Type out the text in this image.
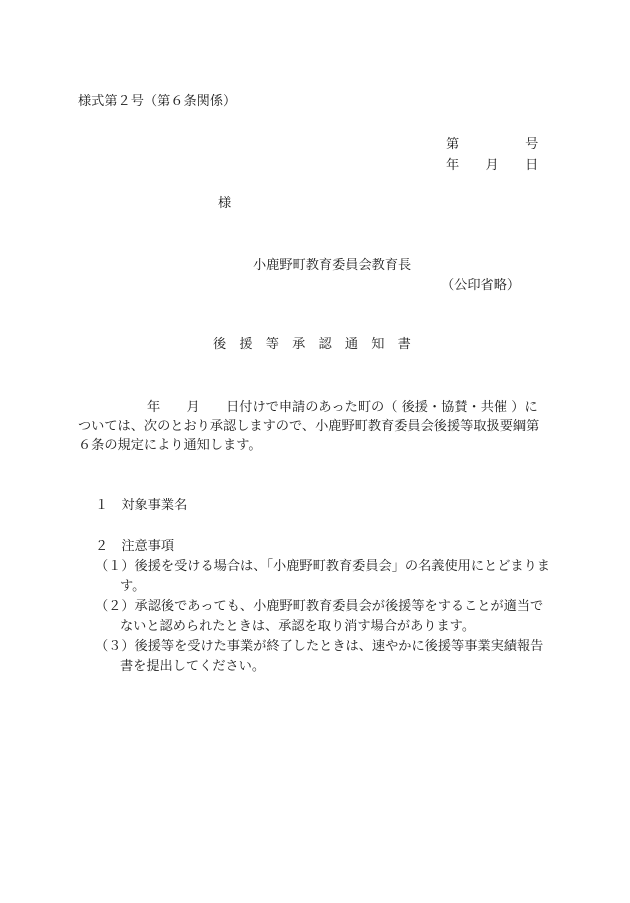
様式第２号（第６条関係）

第　　　　　号

年　　月　　日

様

小鹿野町教育委員会教育長

（公印省略）

後　援　等　承　認　通　知　書

年　　月　　日付けで申請のあった町の（ 後援・協賛・共催 ）に

ついては、次のとおり承認しますので、小鹿野町教育委員会後援等取扱要綱第

６条の規定により通知します。

１　対象事業名

２　注意事項

（１）後援を受ける場合は、「小鹿野町教育委員会」の名義使用にとどまりま

す。

（２）承認後であっても、小鹿野町教育委員会が後援等をすることが適当で

ないと認められたときは、承認を取り消す場合があります。

（３）後援等を受けた事業が終了したときは、速やかに後援等事業実績報告

書を提出してください。
